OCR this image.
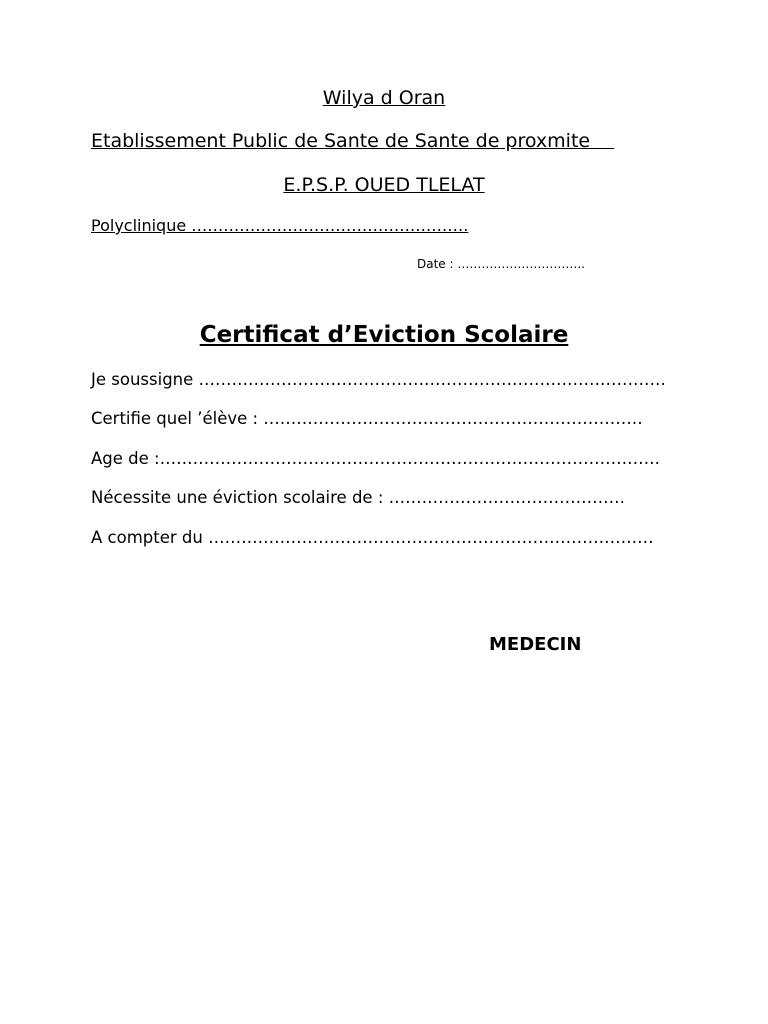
Wilya d Oran
Etablissement Public de Sante de Sante de proxmite
E.P.S.P. OUED TLELAT
Polyclinique …………………………………………….
Date : …………………………..
Certificat d’Eviction Scolaire
Je soussigne ………………………………………………………………………….
Certifie quel ’élève : ……………………………………………………………
Age de :……………………………………………………………………………….
Nécessite une éviction scolaire de : …………………………………….
A compter du ………………………………………………………………………
MEDECIN
